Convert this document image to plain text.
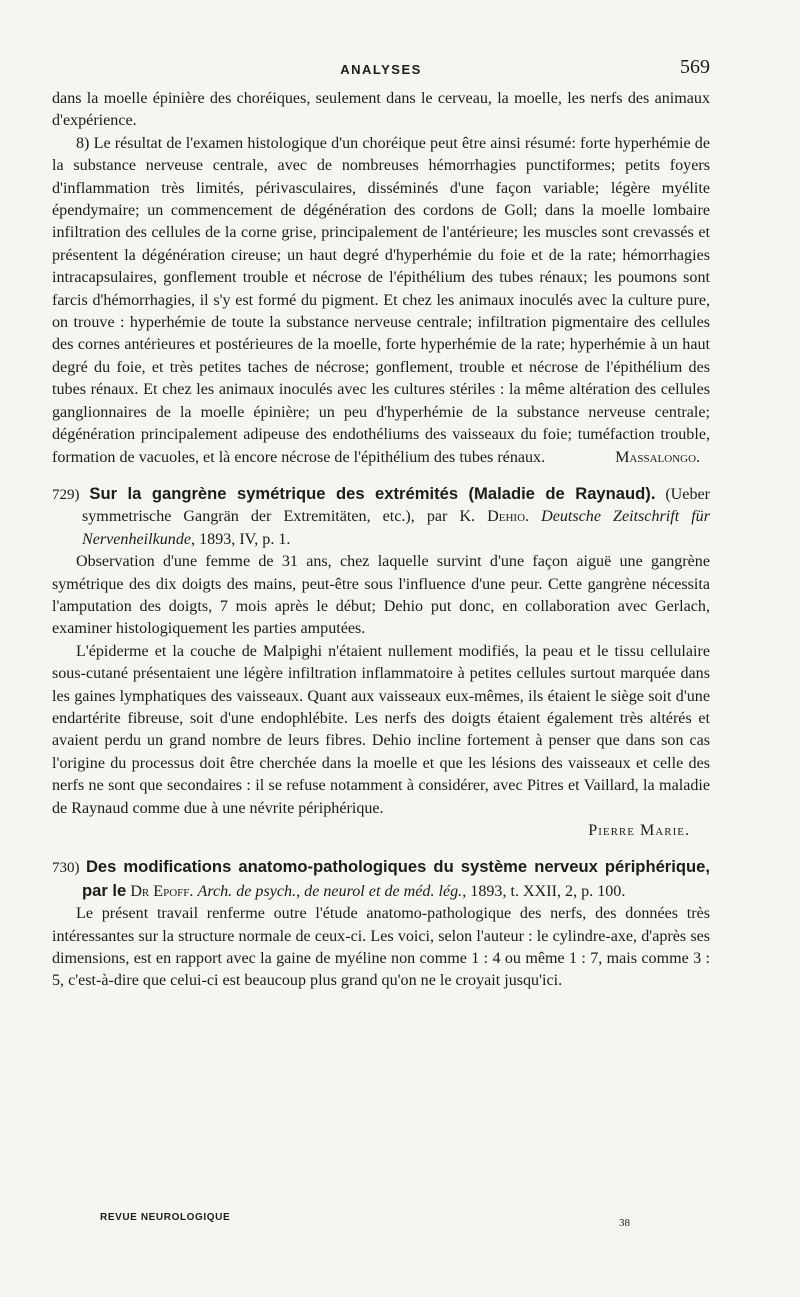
ANALYSES	569

dans la moelle épinière des choréiques, seulement dans le cerveau, la moelle, les nerfs des animaux d'expérience.

8) Le résultat de l'examen histologique d'un choréique peut être ainsi résumé: forte hyperhémie de la substance nerveuse centrale, avec de nombreuses hémorrhagies punctiformes; petits foyers d'inflammation très limités, périvasculaires, disséminés d'une façon variable; légère myélite épendymaire; un commencement de dégénération des cordons de Goll; dans la moelle lombaire infiltration des cellules de la corne grise, principalement de l'antérieure; les muscles sont crevassés et présentent la dégénération cireuse; un haut degré d'hyperhémie du foie et de la rate; hémorrhagies intracapsulaires, gonflement trouble et nécrose de l'épithélium des tubes rénaux; les poumons sont farcis d'hémorrhagies, il s'y est formé du pigment. Et chez les animaux inoculés avec la culture pure, on trouve : hyperhémie de toute la substance nerveuse centrale; infiltration pigmentaire des cellules des cornes antérieures et postérieures de la moelle, forte hyperhémie de la rate; hyperhémie à un haut degré du foie, et très petites taches de nécrose; gonflement, trouble et nécrose de l'épithélium des tubes rénaux. Et chez les animaux inoculés avec les cultures stériles : la même altération des cellules ganglionnaires de la moelle épinière; un peu d'hyperhémie de la substance nerveuse centrale; dégénération principalement adipeuse des endothéliums des vaisseaux du foie; tuméfaction trouble, formation de vacuoles, et là encore nécrose de l'épithélium des tubes rénaux.	Massalongo.

729) Sur la gangrène symétrique des extrémités (Maladie de Raynaud). (Ueber symmetrische Gangrän der Extremitäten, etc.), par K. Dehio. Deutsche Zeitschrift für Nervenheilkunde, 1893, IV, p. 1.

Observation d'une femme de 31 ans, chez laquelle survint d'une façon aiguë une gangrène symétrique des dix doigts des mains, peut-être sous l'influence d'une peur. Cette gangrène nécessita l'amputation des doigts, 7 mois après le début; Dehio put donc, en collaboration avec Gerlach, examiner histologiquement les parties amputées.

L'épiderme et la couche de Malpighi n'étaient nullement modifiés, la peau et le tissu cellulaire sous-cutané présentaient une légère infiltration inflammatoire à petites cellules surtout marquée dans les gaines lymphatiques des vaisseaux. Quant aux vaisseaux eux-mêmes, ils étaient le siège soit d'une endartérite fibreuse, soit d'une endophlébite. Les nerfs des doigts étaient également très altérés et avaient perdu un grand nombre de leurs fibres. Dehio incline fortement à penser que dans son cas l'origine du processus doit être cherchée dans la moelle et que les lésions des vaisseaux et celle des nerfs ne sont que secondaires : il se refuse notamment à considérer, avec Pitres et Vaillard, la maladie de Raynaud comme due à une névrite périphérique.

Pierre Marie.

730) Des modifications anatomo-pathologiques du système nerveux périphérique, par le Dr Epoff. Arch. de psych., de neurol et de méd. lég., 1893, t. XXII, 2, p. 100.

Le présent travail renferme outre l'étude anatomo-pathologique des nerfs, des données très intéressantes sur la structure normale de ceux-ci. Les voici, selon l'auteur : le cylindre-axe, d'après ses dimensions, est en rapport avec la gaine de myéline non comme 1 : 4 ou même 1 : 7, mais comme 3 : 5, c'est-à-dire que celui-ci est beaucoup plus grand qu'on ne le croyait jusqu'ici.

REVUE NEUROLOGIQUE	38
